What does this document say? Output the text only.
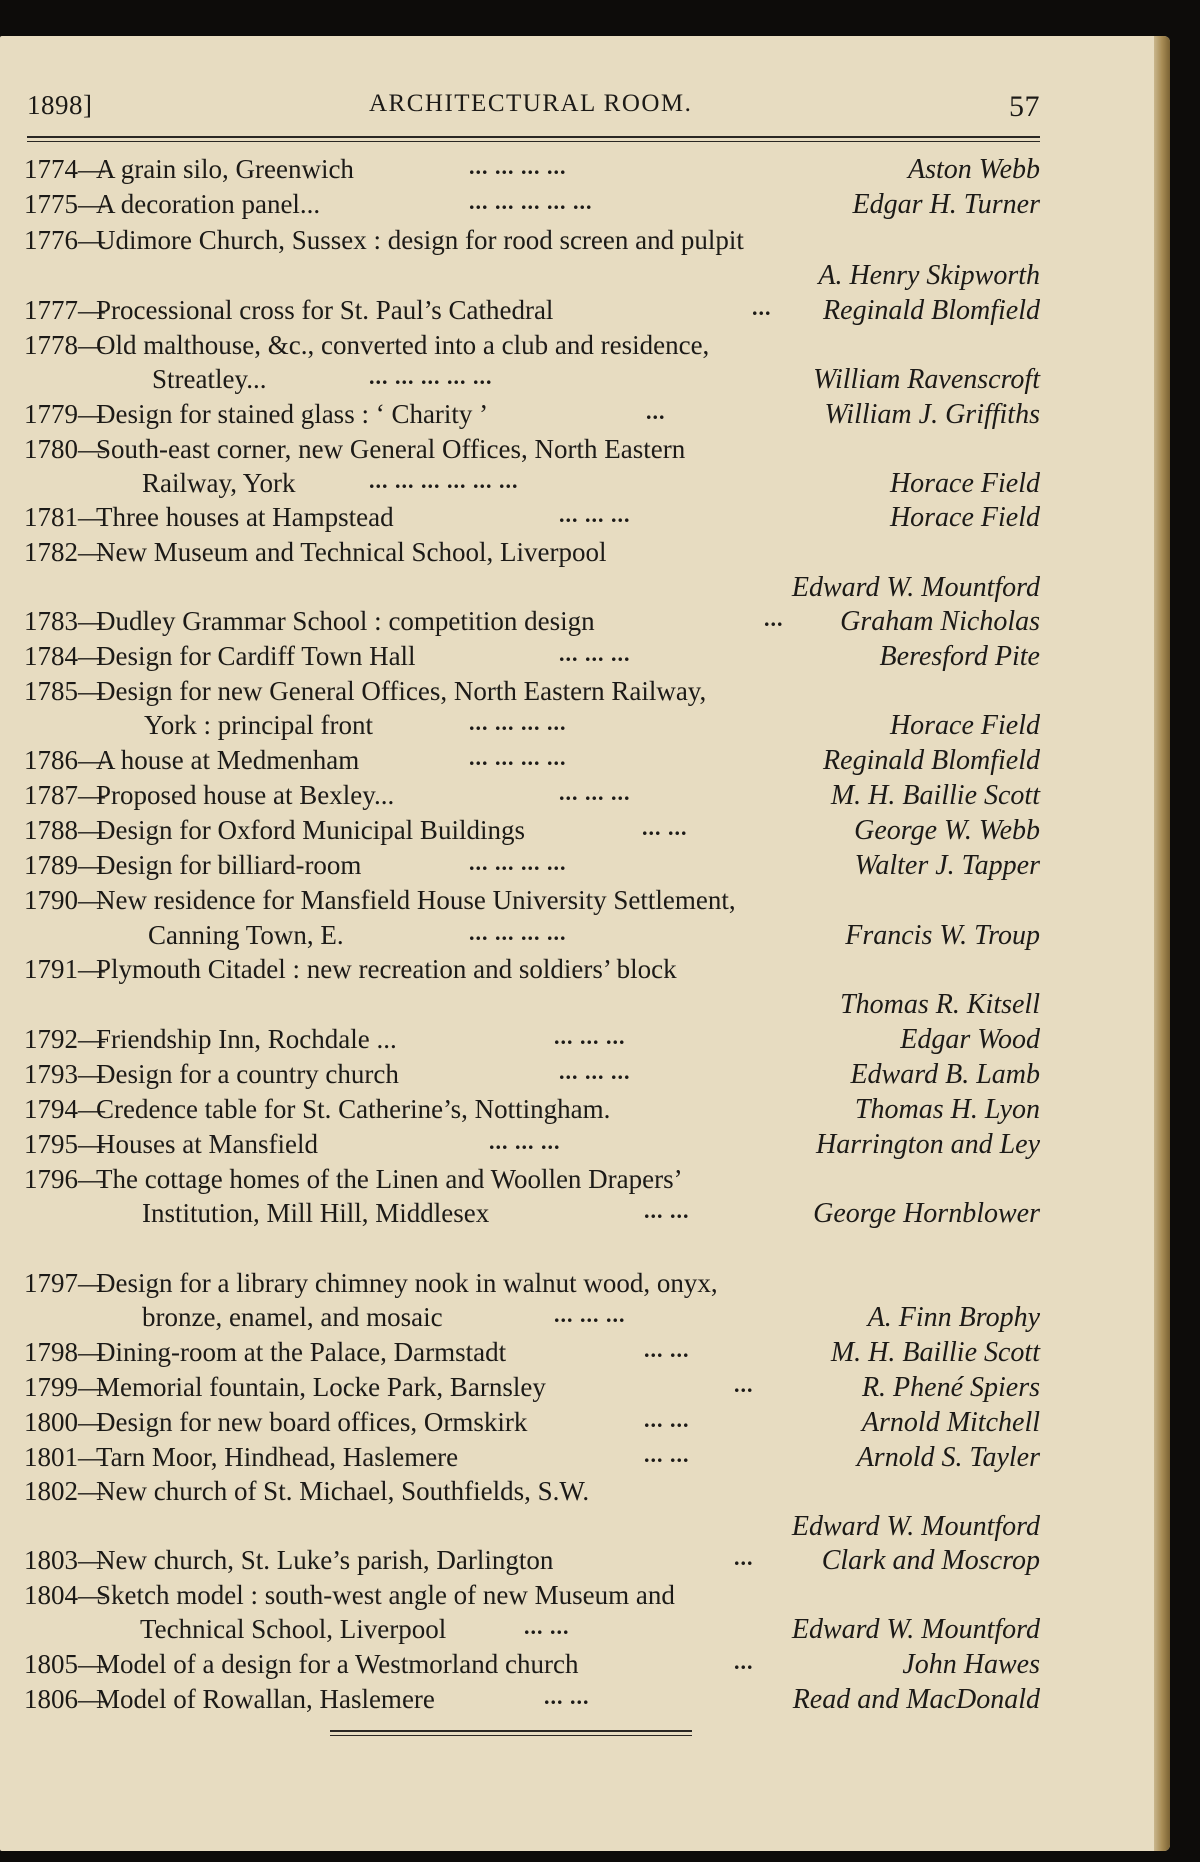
1898]	ARCHITECTURAL ROOM.	57
1774—
A grain silo, Greenwich	... ... ... ...	Aston Webb
1775—
A decoration panel...	... ... ... ... ...	Edgar H. Turner
1776—
Udimore Church, Sussex : design for rood screen and pulpit
A. Henry Skipworth
1777—
Processional cross for St. Paul’s Cathedral	... Reginald Blomfield
1778—
Old malthouse, &c., converted into a club and residence,
Streatley...	... ... ... ... ...	William Ravenscroft
1779—
Design for stained glass : ‘ Charity ’	...	William J. Griffiths
1780—
South-east corner, new General Offices, North Eastern
Railway, York	... ... ... ... ... ...	Horace Field
1781—
Three houses at Hampstead	... ... ...	Horace Field
1782—
New Museum and Technical School, Liverpool
Edward W. Mountford
1783—
Dudley Grammar School : competition design	... Graham Nicholas
1784—
Design for Cardiff Town Hall	... ... ...	Beresford Pite
1785—
Design for new General Offices, North Eastern Railway,
York : principal front	... ... ... ...	Horace Field
1786—
A house at Medmenham	... ... ... ...	Reginald Blomfield
1787—
Proposed house at Bexley...	... ... ...	M. H. Baillie Scott
1788—
Design for Oxford Municipal Buildings	... ...	George W. Webb
1789—
Design for billiard-room	... ... ... ...	Walter J. Tapper
1790—
New residence for Mansfield House University Settlement,
Canning Town, E.	... ... ... ...	Francis W. Troup
1791—
Plymouth Citadel : new recreation and soldiers’ block
Thomas R. Kitsell
1792—
Friendship Inn, Rochdale ...	... ... ...	Edgar Wood
1793—
Design for a country church	... ... ...	Edward B. Lamb
1794—
Credence table for St. Catherine’s, Nottingham.	Thomas H. Lyon
1795—
Houses at Mansfield	... ... ...	Harrington and Ley
1796—
The cottage homes of the Linen and Woollen Drapers’
Institution, Mill Hill, Middlesex	... ...	George Hornblower
1797—
Design for a library chimney nook in walnut wood, onyx,
bronze, enamel, and mosaic	... ... ...	A. Finn Brophy
1798—
Dining-room at the Palace, Darmstadt	... ...	M. H. Baillie Scott
1799—
Memorial fountain, Locke Park, Barnsley	...	R. Phené Spiers
1800—
Design for new board offices, Ormskirk	... ...	Arnold Mitchell
1801—
Tarn Moor, Hindhead, Haslemere	... ...	Arnold S. Tayler
1802—
New church of St. Michael, Southfields, S.W.
Edward W. Mountford
1803—
New church, St. Luke’s parish, Darlington	... Clark and Moscrop
1804—
Sketch model : south-west angle of new Museum and
Technical School, Liverpool	... ...	Edward W. Mountford
1805—
Model of a design for a Westmorland church	...	John Hawes
1806—
Model of Rowallan, Haslemere	... ...	Read and MacDonald
